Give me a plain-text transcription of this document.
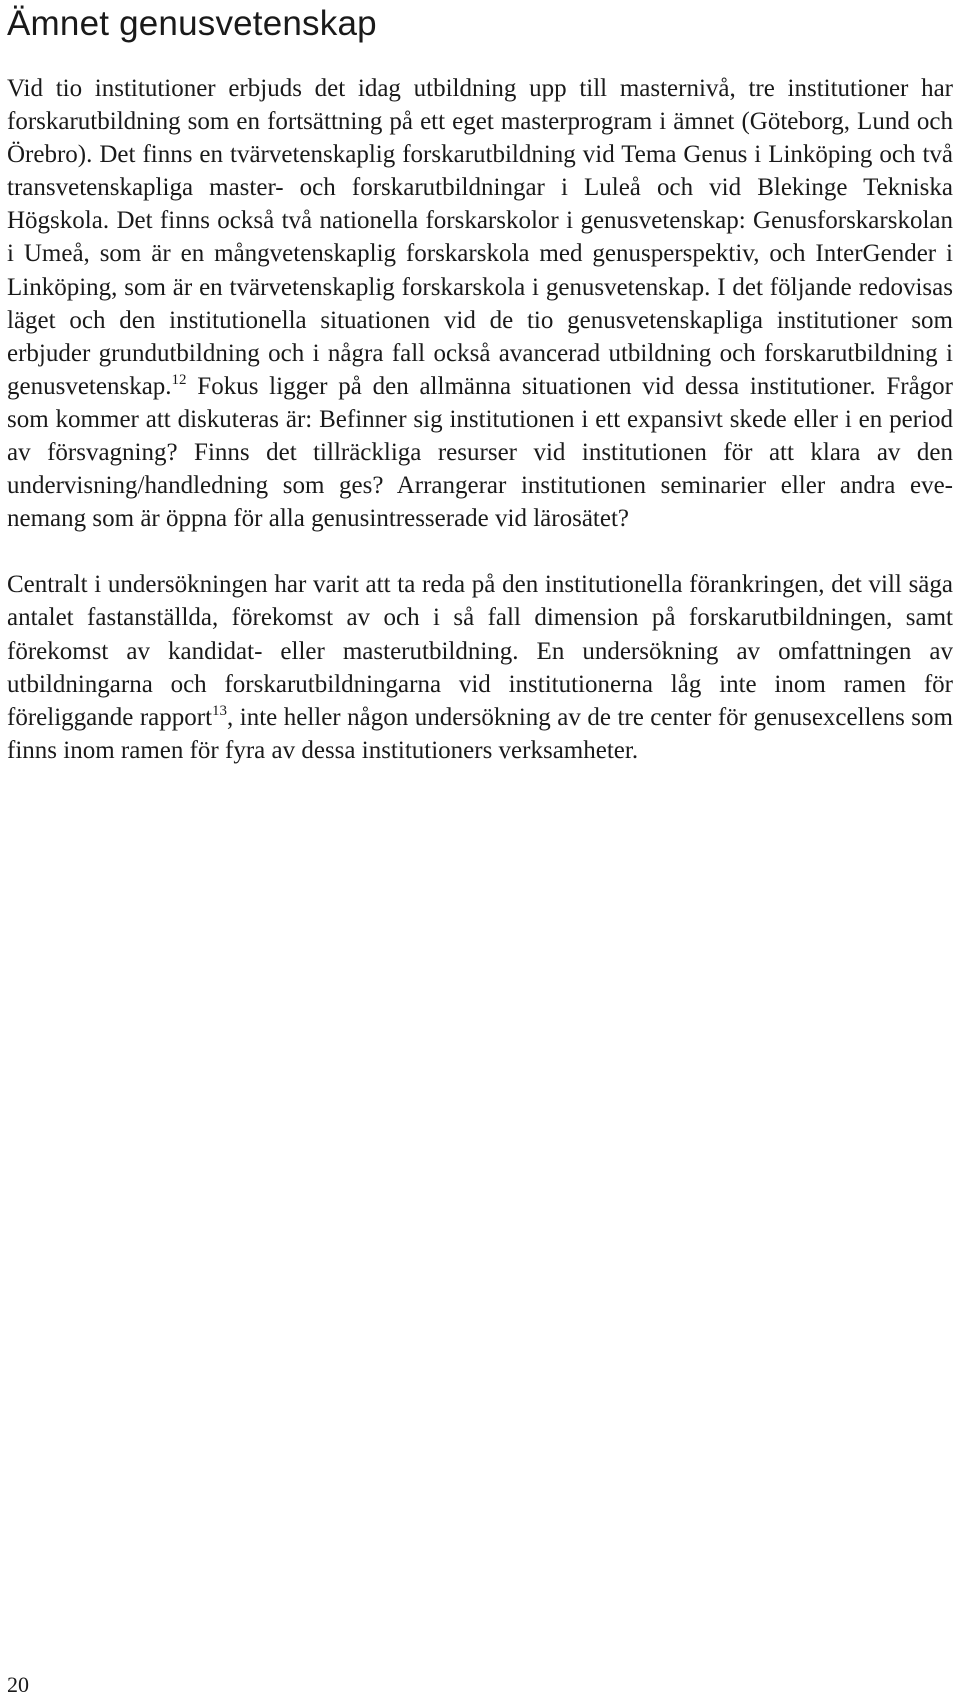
Ämnet genusvetenskap

Vid tio institutioner erbjuds det idag utbildning upp till masternivå, tre institutioner har forskarutbildning som en fortsättning på ett eget masterprogram i ämnet (Göteborg, Lund och Örebro). Det finns en tvärvetenskaplig forskarutbildning vid Tema Genus i Linköping och två transvetenskapliga master- och forskarutbildningar i Luleå och vid Blekinge Tekniska Högskola. Det finns också två nationella forskarskolor i genusvetenskap: Genusforskarskolan i Umeå, som är en mångvetenskaplig forskarskola med genusperspektiv, och InterGender i Linköping, som är en tvärvetenskaplig forskarskola i genusvetenskap. I det följande redovisas läget och den institutionella situationen vid de tio genusvetenskapliga institutioner som erbjuder grundutbildning och i några fall också avancerad utbildning och forskarutbildning i genusvetenskap.$^{12}$ Fokus ligger på den allmänna situationen vid dessa institutioner. Frågor som kommer att diskuteras är: Befinner sig institutionen i ett expansivt skede eller i en period av försvagning? Finns det tillräckliga resurser vid institutionen för att klara av den undervisning/​handledning som ges? Arrangerar institutionen seminarier eller andra evenemang som är öppna för alla genusintresserade vid lärosätet?

Centralt i undersökningen har varit att ta reda på den institutionella förankringen, det vill säga antalet fastanställda, förekomst av och i så fall dimension på forskarutbildningen, samt förekomst av kandidat- eller masterutbildning. En undersökning av omfattningen av utbildningarna och forskarutbildningarna vid institutionerna låg inte inom ramen för föreliggande rapport$^{13}$, inte heller någon undersökning av de tre center för genusexcellens som finns inom ramen för fyra av dessa institutioners verksamheter.

20
